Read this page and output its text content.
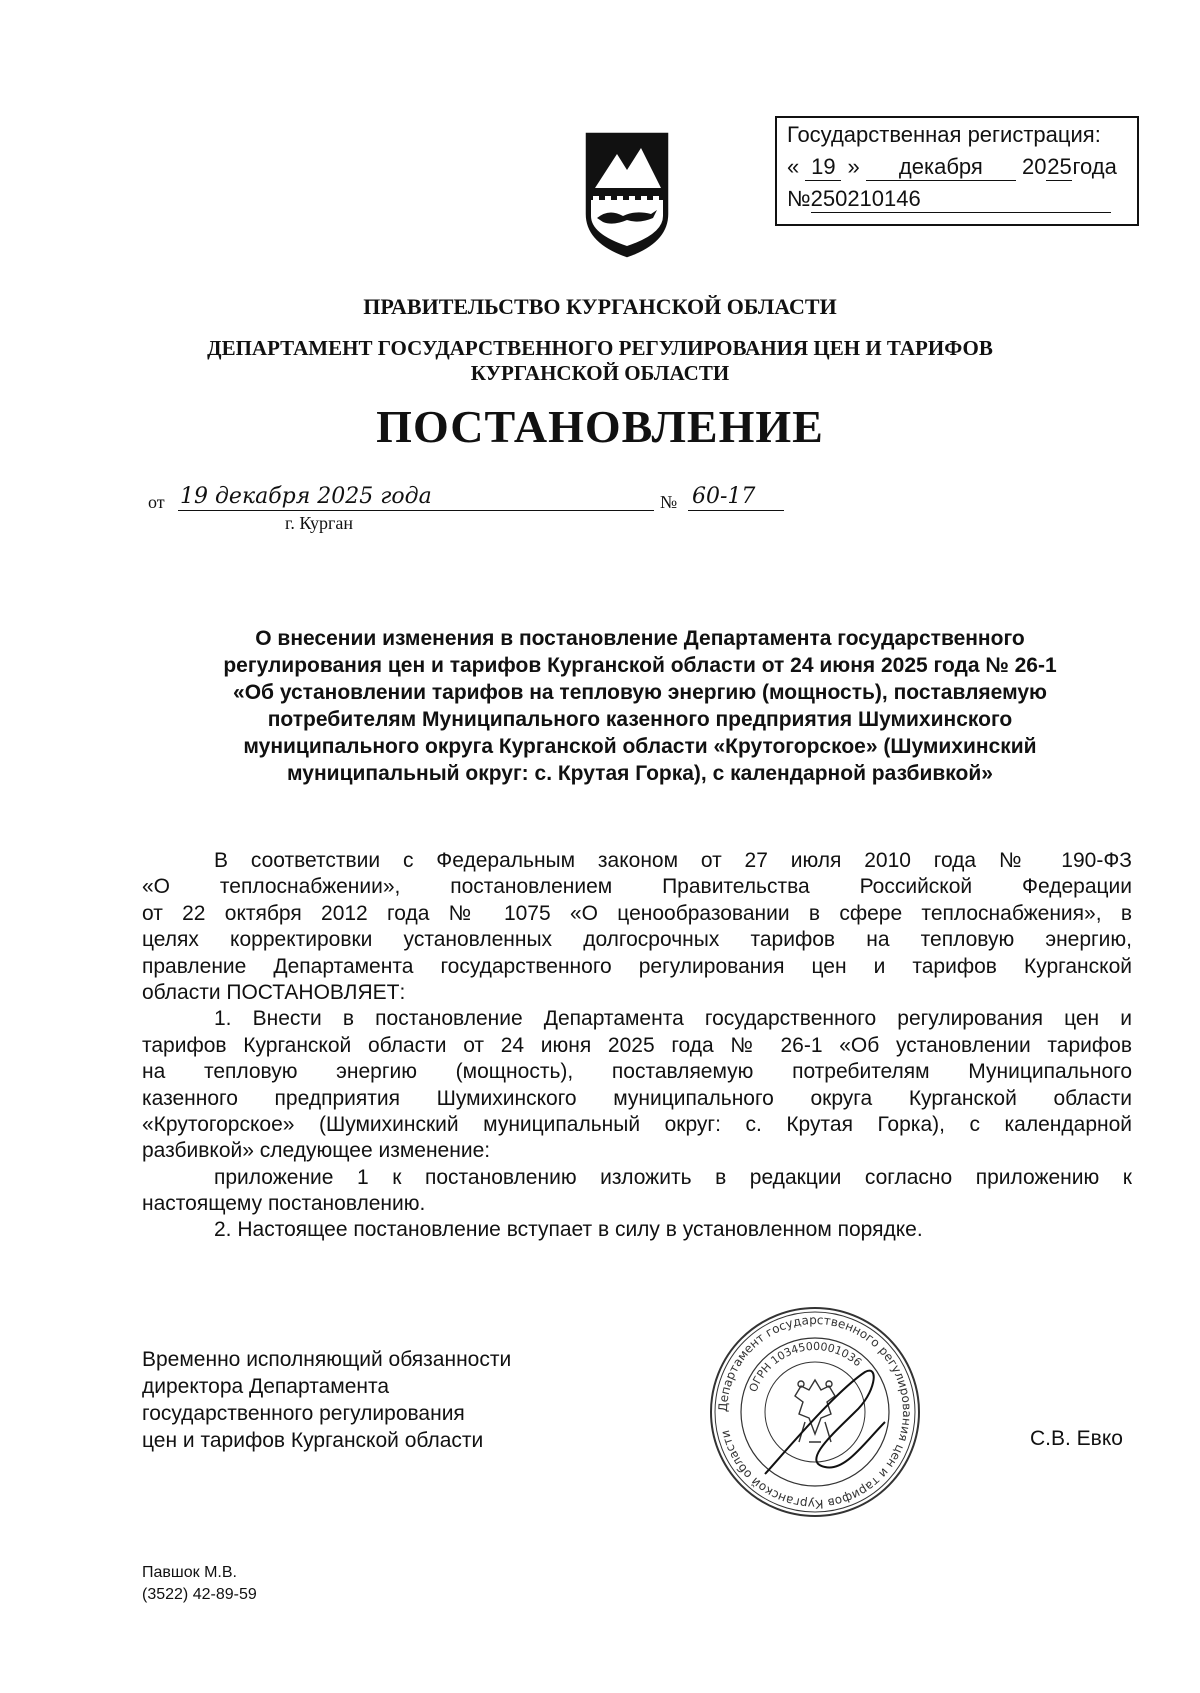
Государственная регистрация:
« 19 » декабря 2025года
№250210146
ПРАВИТЕЛЬСТВО КУРГАНСКОЙ ОБЛАСТИ
ДЕПАРТАМЕНТ ГОСУДАРСТВЕННОГО РЕГУЛИРОВАНИЯ ЦЕН И ТАРИФОВ
КУРГАНСКОЙ ОБЛАСТИ
ПОСТАНОВЛЕНИЕ
от 19 декабря 2025 года	№ 60-17
г. Курган
О внесении изменения в постановление Департамента государственного
регулирования цен и тарифов Курганской области от 24 июня 2025 года № 26-1
«Об установлении тарифов на тепловую энергию (мощность), поставляемую
потребителям Муниципального казенного предприятия Шумихинского
муниципального округа Курганской области «Крутогорское» (Шумихинский
муниципальный округ: с. Крутая Горка), с календарной разбивкой»
В соответствии с Федеральным законом от 27 июля 2010 года № 190-ФЗ
«О теплоснабжении», постановлением Правительства Российской Федерации
от 22 октября 2012 года № 1075 «О ценообразовании в сфере теплоснабжения», в
целях корректировки установленных долгосрочных тарифов на тепловую энергию,
правление Департамента государственного регулирования цен и тарифов Курганской
области ПОСТАНОВЛЯЕТ:
1. Внести в постановление Департамента государственного регулирования цен и
тарифов Курганской области от 24 июня 2025 года № 26-1 «Об установлении тарифов
на тепловую энергию (мощность), поставляемую потребителям Муниципального
казенного предприятия Шумихинского муниципального округа Курганской области
«Крутогорское» (Шумихинский муниципальный округ: с. Крутая Горка), с календарной
разбивкой» следующее изменение:
приложение 1 к постановлению изложить в редакции согласно приложению к
настоящему постановлению.
2. Настоящее постановление вступает в силу в установленном порядке.
Временно исполняющий обязанности
директора Департамента
государственного регулирования
цен и тарифов Курганской области
Департамент государственного регулирования цен и тарифов Курганской области
ОГРН 1034500001036
С.В. Евко
Павшок М.В.
(3522) 42-89-59
